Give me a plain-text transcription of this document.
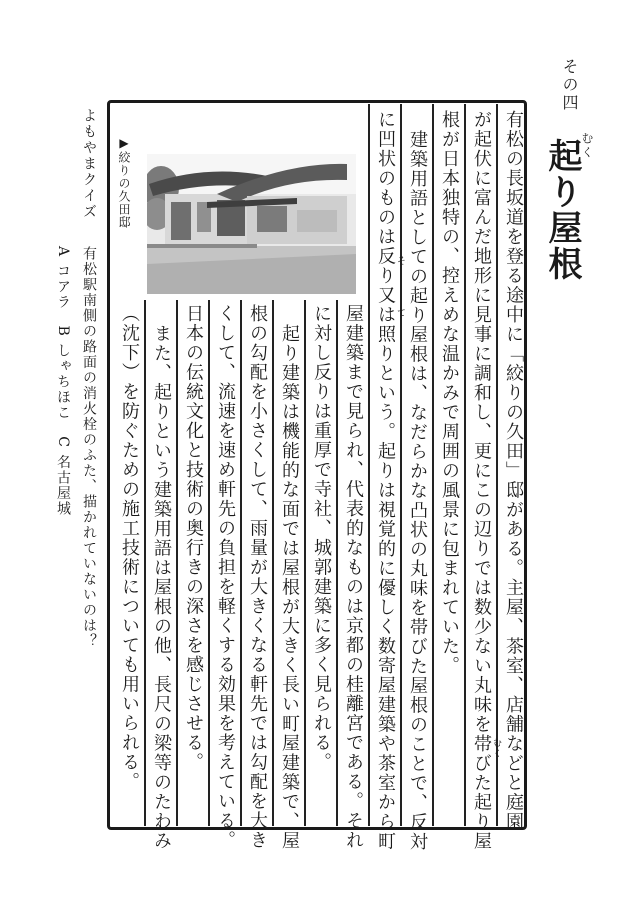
その四
起り屋根
むく
▶絞りの久田邸	有松の長坂道を登る途中に「絞りの久田」邸がある。主屋、茶室、店舗などと庭園
が起伏に富んだ地形に見事に調和し、更にこの辺りでは数少ない丸味を帯びた起り屋
根が日本独特の、控えめな温かみで周囲の風景に包まれていた。
建築用語としての起り屋根は、なだらかな凸状の丸味を帯びた屋根のことで、反対
に凹状のものは反り又は照りという。起りは視覚的に優しく数寄屋建築や茶室から町
屋建築まで見られ、代表的なものは京都の桂離宮である。それ
に対し反りは重厚で寺社、城郭建築に多く見られる。
起り建築は機能的な面では屋根が大きく長い町屋建築で、屋
根の勾配を小さくして、雨量が大きくなる軒先では勾配を大き
くして、流速を速め軒先の負担を軽くする効果を考えている。
日本の伝統文化と技術の奥行きの深さを感じさせる。
また、起りという建築用語は屋根の他、長尺の梁等のたわみ
（沈下）を防ぐための施工技術についても用いられる。	むく
そ
て
よもやまクイズ
有松駅南側の路面の消火栓のふた、描かれていないのは？
A コアラ　B しゃちほこ　C 名古屋城
